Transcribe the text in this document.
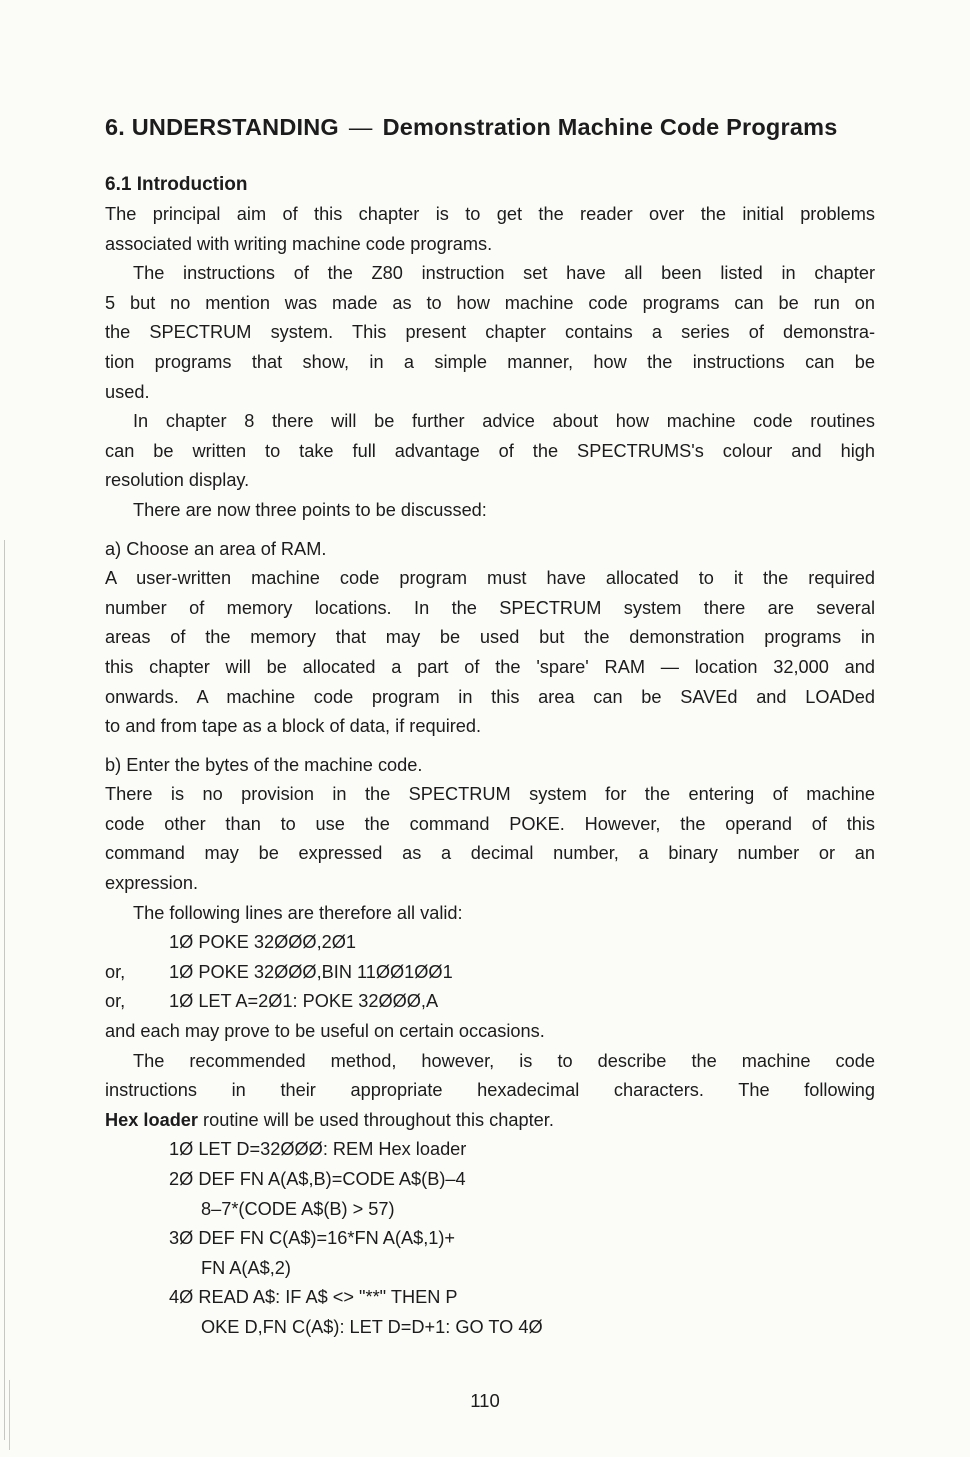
6. UNDERSTANDING — Demonstration Machine Code Programs
6.1 Introduction
The principal aim of this chapter is to get the reader over the initial problems
associated with writing machine code programs.
The instructions of the Z80 instruction set have all been listed in chapter
5 but no mention was made as to how machine code programs can be run on
the SPECTRUM system. This present chapter contains a series of demonstra-
tion programs that show, in a simple manner, how the instructions can be
used.
In chapter 8 there will be further advice about how machine code routines
can be written to take full advantage of the SPECTRUMS's colour and high
resolution display.
There are now three points to be discussed:
a) Choose an area of RAM.
A user-written machine code program must have allocated to it the required
number of memory locations. In the SPECTRUM system there are several
areas of the memory that may be used but the demonstration programs in
this chapter will be allocated a part of the 'spare' RAM — location 32,000 and
onwards. A machine code program in this area can be SAVEd and LOADed
to and from tape as a block of data, if required.
b) Enter the bytes of the machine code.
There is no provision in the SPECTRUM system for the entering of machine
code other than to use the command POKE. However, the operand of this
command may be expressed as a decimal number, a binary number or an
expression.
The following lines are therefore all valid:
1Ø POKE 32ØØØ,2Ø1
or, 1Ø POKE 32ØØØ,BIN 11ØØ1ØØ1
or, 1Ø LET A=2Ø1: POKE 32ØØØ,A
and each may prove to be useful on certain occasions.
The recommended method, however, is to describe the machine code
instructions in their appropriate hexadecimal characters. The following
Hex loader routine will be used throughout this chapter.
1Ø LET D=32ØØØ: REM Hex loader
2Ø DEF FN A(A$,B)=CODE A$(B)–4
8–7*(CODE A$(B) > 57)
3Ø DEF FN C(A$)=16*FN A(A$,1)+
FN A(A$,2)
4Ø READ A$: IF A$ <> "**" THEN P
OKE D,FN C(A$): LET D=D+1: GO TO 4Ø
110
